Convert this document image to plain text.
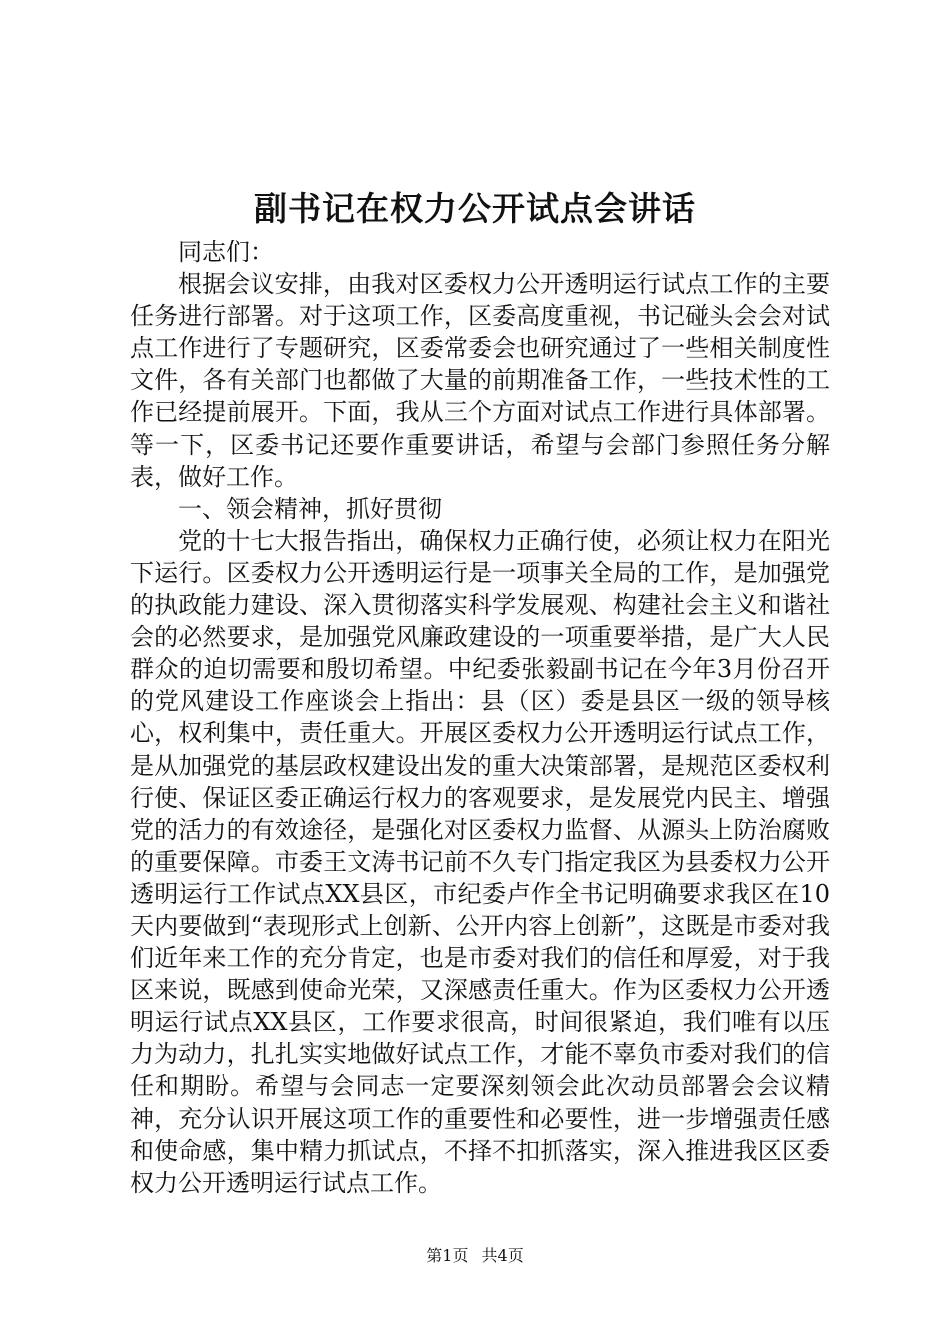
副书记在权力公开试点会讲话

同志们：

根据会议安排，由我对区委权力公开透明运行试点工作的主要任务进行部署。对于这项工作，区委高度重视，书记碰头会会对试点工作进行了专题研究，区委常委会也研究通过了一些相关制度性文件，各有关部门也都做了大量的前期准备工作，一些技术性的工作已经提前展开。下面，我从三个方面对试点工作进行具体部署。等一下，区委书记还要作重要讲话，希望与会部门参照任务分解表，做好工作。

一、领会精神，抓好贯彻

党的十七大报告指出，确保权力正确行使，必须让权力在阳光下运行。区委权力公开透明运行是一项事关全局的工作，是加强党的执政能力建设、深入贯彻落实科学发展观、构建社会主义和谐社会的必然要求，是加强党风廉政建设的一项重要举措，是广大人民群众的迫切需要和殷切希望。中纪委张毅副书记在今年3月份召开的党风建设工作座谈会上指出：县（区）委是县区一级的领导核心，权利集中，责任重大。开展区委权力公开透明运行试点工作，是从加强党的基层政权建设出发的重大决策部署，是规范区委权利行使、保证区委正确运行权力的客观要求，是发展党内民主、增强党的活力的有效途径，是强化对区委权力监督、从源头上防治腐败的重要保障。市委王文涛书记前不久专门指定我区为县委权力公开透明运行工作试点XX县区，市纪委卢作全书记明确要求我区在10天内要做到“表现形式上创新、公开内容上创新”，这既是市委对我们近年来工作的充分肯定，也是市委对我们的信任和厚爱，对于我区来说，既感到使命光荣，又深感责任重大。作为区委权力公开透明运行试点XX县区，工作要求很高，时间很紧迫，我们唯有以压力为动力，扎扎实实地做好试点工作，才能不辜负市委对我们的信任和期盼。希望与会同志一定要深刻领会此次动员部署会会议精神，充分认识开展这项工作的重要性和必要性，进一步增强责任感和使命感，集中精力抓试点，不择不扣抓落实，深入推进我区区委权力公开透明运行试点工作。

第1页 共4页
